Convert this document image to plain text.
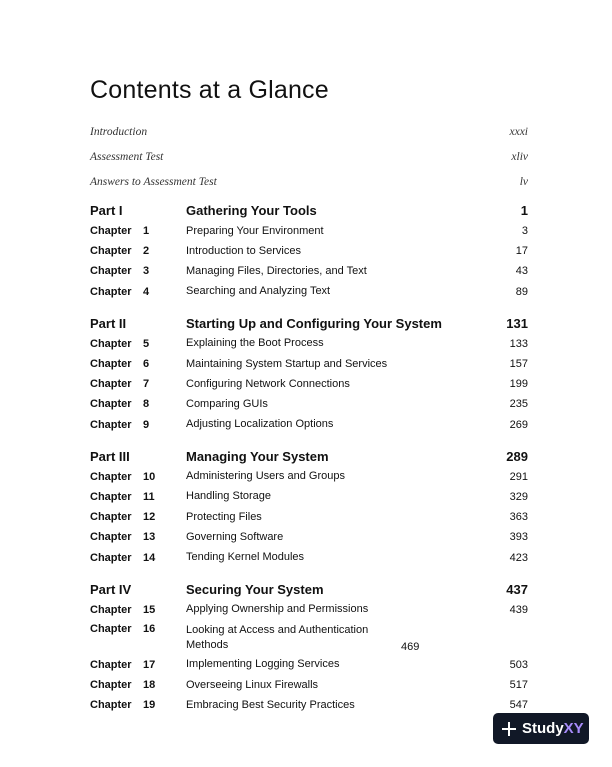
Contents at a Glance
Introduction	xxxi
Assessment Test	xliv
Answers to Assessment Test	lv
Part I	Gathering Your Tools	1
Chapter	1	Preparing Your Environment	3
Chapter	2	Introduction to Services	17
Chapter	3	Managing Files, Directories, and Text	43
Chapter	4	Searching and Analyzing Text	89
Part II	Starting Up and Configuring Your System	131
Chapter	5	Explaining the Boot Process	133
Chapter	6	Maintaining System Startup and Services	157
Chapter	7	Configuring Network Connections	199
Chapter	8	Comparing GUIs	235
Chapter	9	Adjusting Localization Options	269
Part III	Managing Your System	289
Chapter	10	Administering Users and Groups	291
Chapter	11	Handling Storage	329
Chapter	12	Protecting Files	363
Chapter	13	Governing Software	393
Chapter	14	Tending Kernel Modules	423
Part IV	Securing Your System	437
Chapter	15	Applying Ownership and Permissions	439
Chapter	16	Looking at Access and Authentication Methods	469
Chapter	17	Implementing Logging Services	503
Chapter	18	Overseeing Linux Firewalls	517
Chapter	19	Embracing Best Security Practices	547
StudyXY
